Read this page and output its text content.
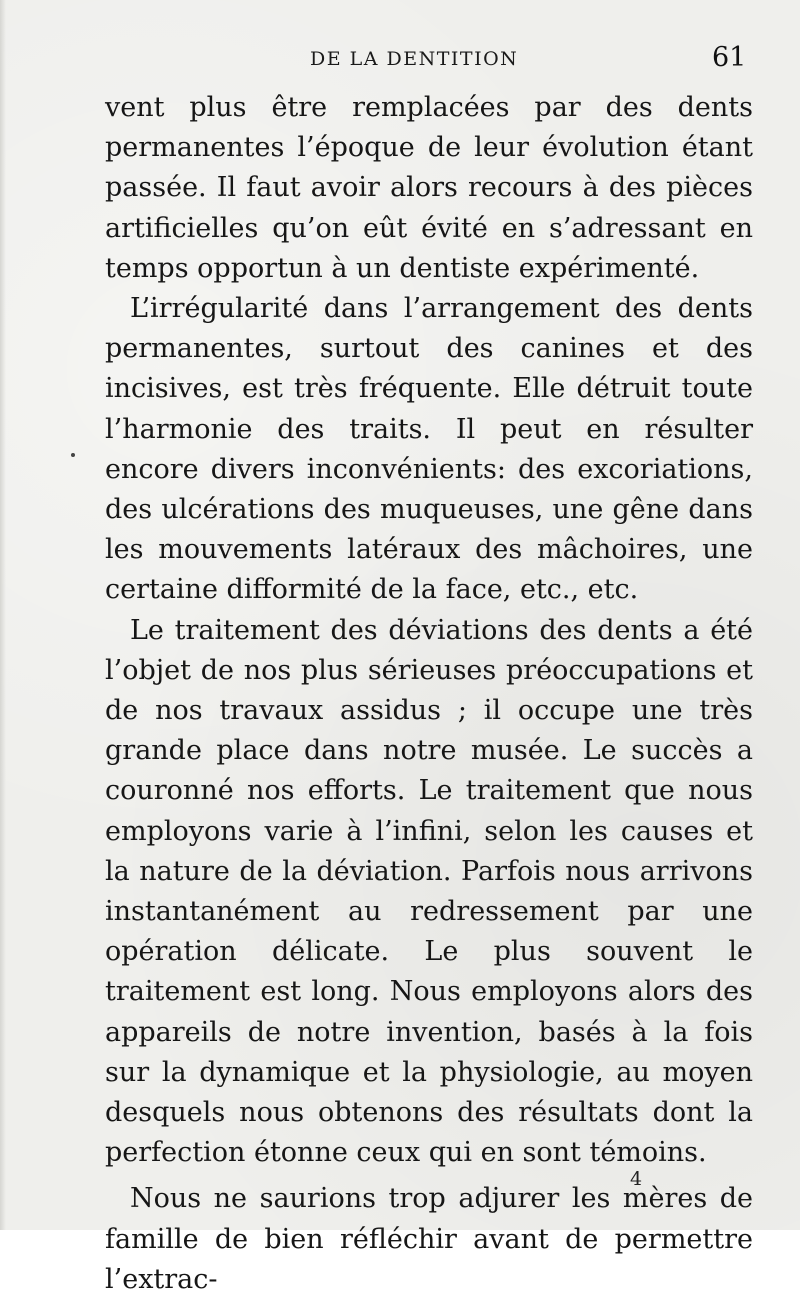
DE LA DENTITION	61

vent plus être remplacées par des dents permanentes l’époque de leur évolution étant passée. Il faut avoir alors recours à des pièces artificielles qu’on eût évité en s’adressant en temps opportun à un dentiste expérimenté.

L’irrégularité dans l’arrangement des dents permanentes, surtout des canines et des incisives, est très fréquente. Elle détruit toute l’harmonie des traits. Il peut en résulter encore divers inconvénients: des excoriations, des ulcérations des muqueuses, une gêne dans les mouvements latéraux des mâchoires, une certaine difformité de la face, etc., etc.

Le traitement des déviations des dents a été l’objet de nos plus sérieuses préoccupations et de nos travaux assidus ; il occupe une très grande place dans notre musée. Le succès a couronné nos efforts. Le traitement que nous employons varie à l’infini, selon les causes et la nature de la déviation. Parfois nous arrivons instantanément au redressement par une opération délicate. Le plus souvent le traitement est long. Nous employons alors des appareils de notre invention, basés à la fois sur la dynamique et la physiologie, au moyen desquels nous obtenons des résultats dont la perfection étonne ceux qui en sont témoins.

Nous ne saurions trop adjurer les mères de famille de bien réfléchir avant de permettre l’extrac-

4
